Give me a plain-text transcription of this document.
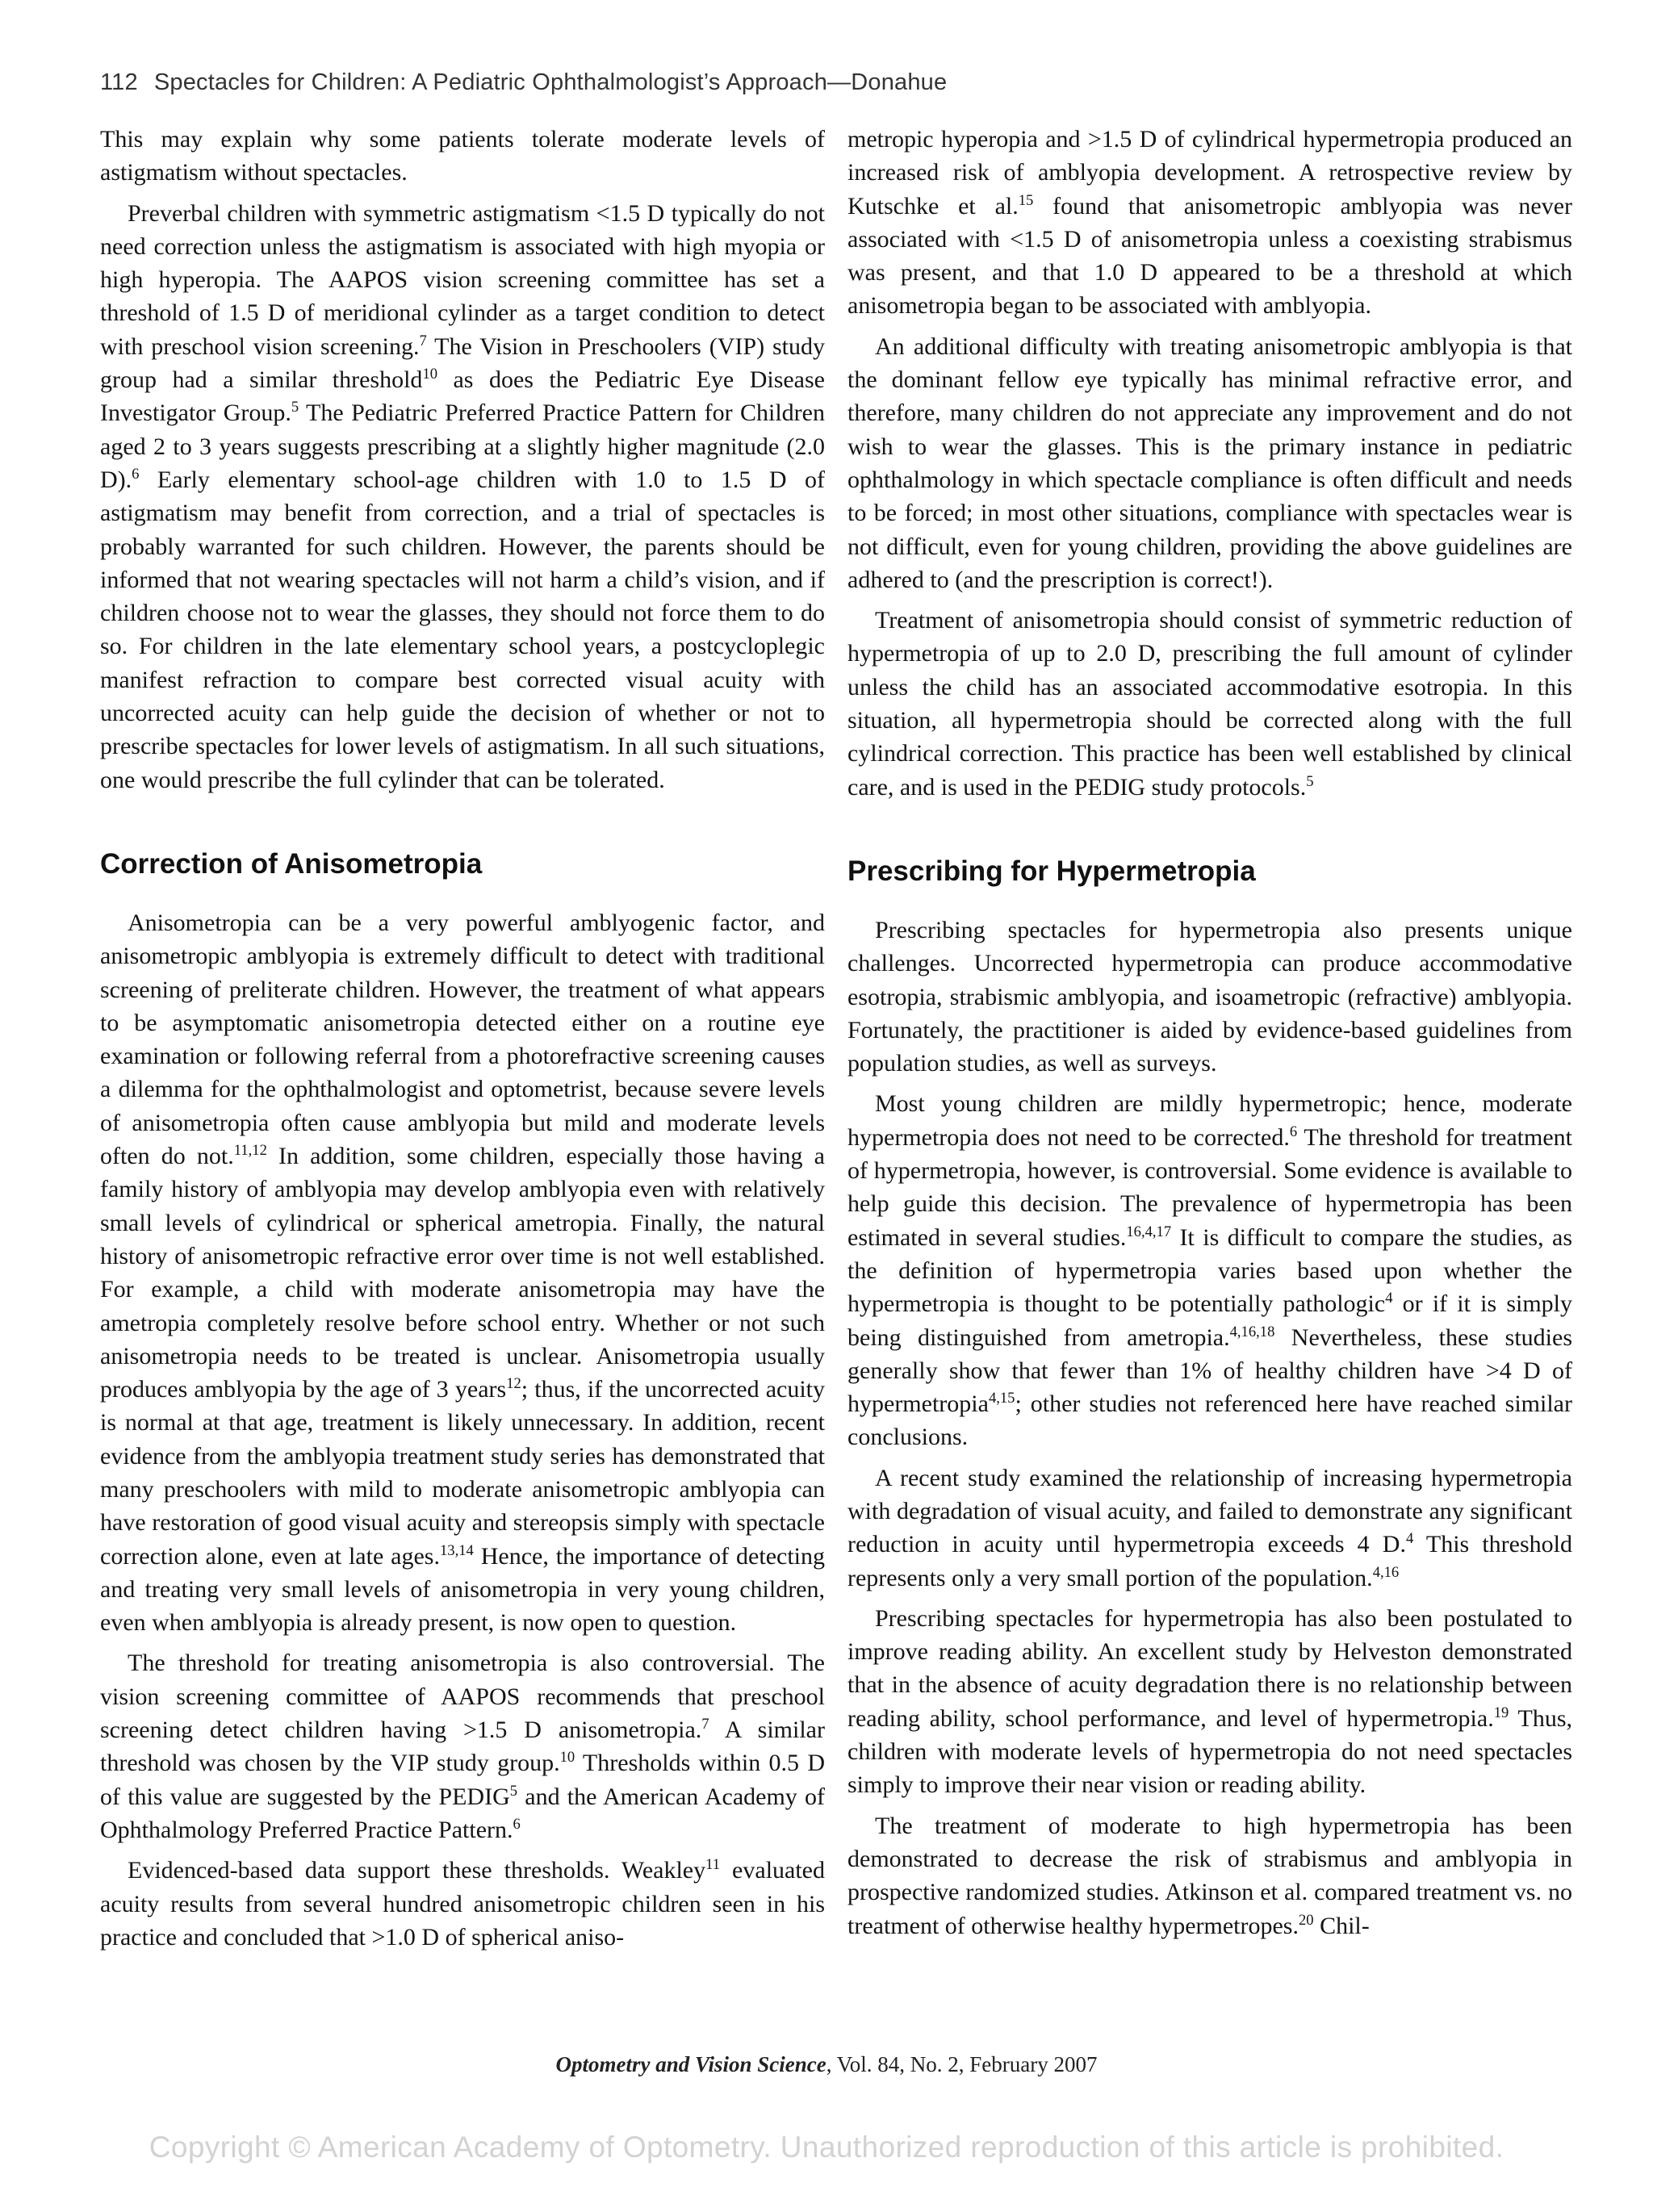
112 Spectacles for Children: A Pediatric Ophthalmologist’s Approach—Donahue

This may explain why some patients tolerate moderate levels of astigmatism without spectacles.

Preverbal children with symmetric astigmatism <1.5 D typically do not need correction unless the astigmatism is associated with high myopia or high hyperopia. The AAPOS vision screening committee has set a threshold of 1.5 D of meridional cylinder as a target condition to detect with preschool vision screening.$^7$ The Vision in Preschoolers (VIP) study group had a similar threshold$^{10}$ as does the Pediatric Eye Disease Investigator Group.$^5$ The Pediatric Preferred Practice Pattern for Children aged 2 to 3 years suggests prescribing at a slightly higher magnitude (2.0 D).$^6$ Early elementary school-age children with 1.0 to 1.5 D of astigmatism may benefit from correction, and a trial of spectacles is probably warranted for such children. However, the parents should be informed that not wearing spectacles will not harm a child’s vision, and if children choose not to wear the glasses, they should not force them to do so. For children in the late elementary school years, a postcycloplegic manifest refraction to compare best corrected visual acuity with uncorrected acuity can help guide the decision of whether or not to prescribe spectacles for lower levels of astigmatism. In all such situations, one would prescribe the full cylinder that can be tolerated.

Correction of Anisometropia

Anisometropia can be a very powerful amblyogenic factor, and anisometropic amblyopia is extremely difficult to detect with traditional screening of preliterate children. However, the treatment of what appears to be asymptomatic anisometropia detected either on a routine eye examination or following referral from a photorefractive screening causes a dilemma for the ophthalmologist and optometrist, because severe levels of anisometropia often cause amblyopia but mild and moderate levels often do not.$^{11,12}$ In addition, some children, especially those having a family history of amblyopia may develop amblyopia even with relatively small levels of cylindrical or spherical ametropia. Finally, the natural history of anisometropic refractive error over time is not well established. For example, a child with moderate anisometropia may have the ametropia completely resolve before school entry. Whether or not such anisometropia needs to be treated is unclear. Anisometropia usually produces amblyopia by the age of 3 years$^{12}$; thus, if the uncorrected acuity is normal at that age, treatment is likely unnecessary. In addition, recent evidence from the amblyopia treatment study series has demonstrated that many preschoolers with mild to moderate anisometropic amblyopia can have restoration of good visual acuity and stereopsis simply with spectacle correction alone, even at late ages.$^{13,14}$ Hence, the importance of detecting and treating very small levels of anisometropia in very young children, even when amblyopia is already present, is now open to question.

The threshold for treating anisometropia is also controversial. The vision screening committee of AAPOS recommends that preschool screening detect children having >1.5 D anisometropia.$^7$ A similar threshold was chosen by the VIP study group.$^{10}$ Thresholds within 0.5 D of this value are suggested by the PEDIG$^5$ and the American Academy of Ophthalmology Preferred Practice Pattern.$^6$

Evidenced-based data support these thresholds. Weakley$^{11}$ evaluated acuity results from several hundred anisometropic children seen in his practice and concluded that >1.0 D of spherical aniso-

metropic hyperopia and >1.5 D of cylindrical hypermetropia produced an increased risk of amblyopia development. A retrospective review by Kutschke et al.$^{15}$ found that anisometropic amblyopia was never associated with <1.5 D of anisometropia unless a coexisting strabismus was present, and that 1.0 D appeared to be a threshold at which anisometropia began to be associated with amblyopia.

An additional difficulty with treating anisometropic amblyopia is that the dominant fellow eye typically has minimal refractive error, and therefore, many children do not appreciate any improvement and do not wish to wear the glasses. This is the primary instance in pediatric ophthalmology in which spectacle compliance is often difficult and needs to be forced; in most other situations, compliance with spectacles wear is not difficult, even for young children, providing the above guidelines are adhered to (and the prescription is correct!).

Treatment of anisometropia should consist of symmetric reduction of hypermetropia of up to 2.0 D, prescribing the full amount of cylinder unless the child has an associated accommodative esotropia. In this situation, all hypermetropia should be corrected along with the full cylindrical correction. This practice has been well established by clinical care, and is used in the PEDIG study protocols.$^5$

Prescribing for Hypermetropia

Prescribing spectacles for hypermetropia also presents unique challenges. Uncorrected hypermetropia can produce accommodative esotropia, strabismic amblyopia, and isoametropic (refractive) amblyopia. Fortunately, the practitioner is aided by evidence-based guidelines from population studies, as well as surveys.

Most young children are mildly hypermetropic; hence, moderate hypermetropia does not need to be corrected.$^6$ The threshold for treatment of hypermetropia, however, is controversial. Some evidence is available to help guide this decision. The prevalence of hypermetropia has been estimated in several studies.$^{16,4,17}$ It is difficult to compare the studies, as the definition of hypermetropia varies based upon whether the hypermetropia is thought to be potentially pathologic$^4$ or if it is simply being distinguished from ametropia.$^{4,16,18}$ Nevertheless, these studies generally show that fewer than 1% of healthy children have >4 D of hypermetropia$^{4,15}$; other studies not referenced here have reached similar conclusions.

A recent study examined the relationship of increasing hypermetropia with degradation of visual acuity, and failed to demonstrate any significant reduction in acuity until hypermetropia exceeds 4 D.$^4$ This threshold represents only a very small portion of the population.$^{4,16}$

Prescribing spectacles for hypermetropia has also been postulated to improve reading ability. An excellent study by Helveston demonstrated that in the absence of acuity degradation there is no relationship between reading ability, school performance, and level of hypermetropia.$^{19}$ Thus, children with moderate levels of hypermetropia do not need spectacles simply to improve their near vision or reading ability.

The treatment of moderate to high hypermetropia has been demonstrated to decrease the risk of strabismus and amblyopia in prospective randomized studies. Atkinson et al. compared treatment vs. no treatment of otherwise healthy hypermetropes.$^{20}$ Chil-

Optometry and Vision Science, Vol. 84, No. 2, February 2007
Copyright © American Academy of Optometry. Unauthorized reproduction of this article is prohibited.
